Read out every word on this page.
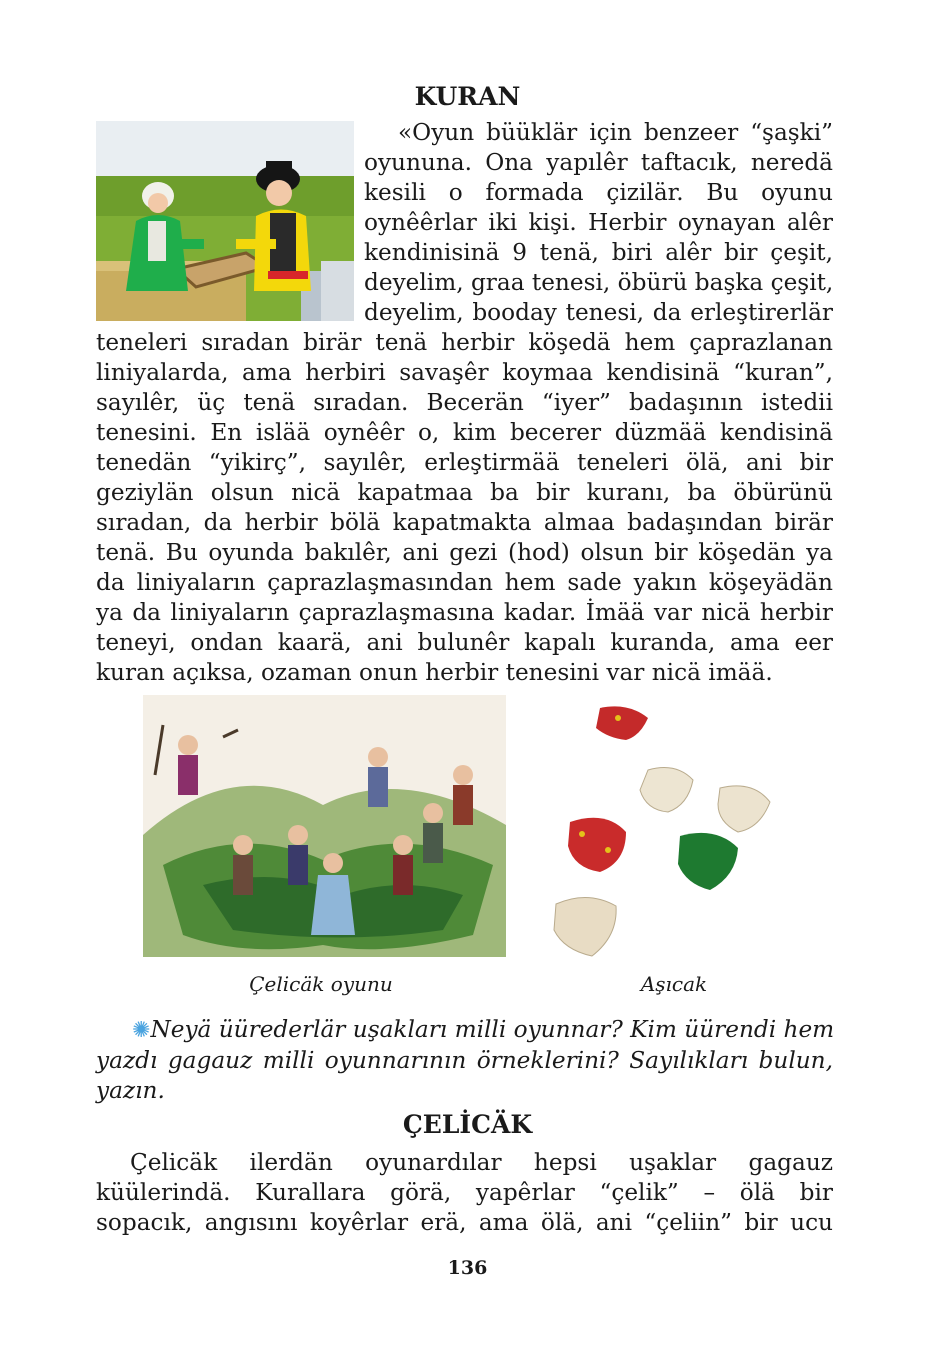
KURAN
«Oyun büüklär için benzeer “şaşki”
oyununa. Ona yapılêr taftacık, neredä
kesili o formada çizilär. Bu oyunu
oynêêrlar iki kişi. Herbir oynayan alêr
kendinisinä 9 tenä, biri alêr bir çeşit,
deyelim, graa tenesi, öbürü başka çeşit,
deyelim, booday tenesi, da erleştirerlär
teneleri sıradan birär tenä herbir köşedä hem çaprazlanan
liniyalarda, ama herbiri savaşêr koymaa kendisinä “kuran”,
sayılêr, üç tenä sıradan. Becerän “iyer” badaşının istedii
tenesini. En islää oynêêr o, kim becerer düzmää kendisinä
tenedän “yikirç”, sayılêr, erleştirmää teneleri ölä, ani bir
geziylän olsun nicä kapatmaa ba bir kuranı, ba öbürünü
sıradan, da herbir bölä kapatmakta almaa badaşından birär
tenä. Bu oyunda bakılêr, ani gezi (hod) olsun bir köşedän ya
da liniyaların çaprazlaşmasından hem sade yakın köşeyädän
ya da liniyaların çaprazlaşmasına kadar. İmää var nicä herbir
teneyi, ondan kaarä, ani bulunêr kapalı kuranda, ama eer
kuran açıksa, ozaman onun herbir tenesini var nicä imää.
Çelicäk oyunu	Aşıcak
✺Neyä üürederlär uşakları milli oyunnar? Kim üürendi hem
yazdı gagauz milli oyunnarının örneklerini? Sayılıkları bulun,
yazın.
ÇELİCÄK
Çelicäk ilerdän oyunardılar hepsi uşaklar gagauz
küülerindä. Kurallara görä, yapêrlar “çelik” – ölä bir
sopacık, angısını koyêrlar erä, ama ölä, ani “çeliin” bir ucu
136
